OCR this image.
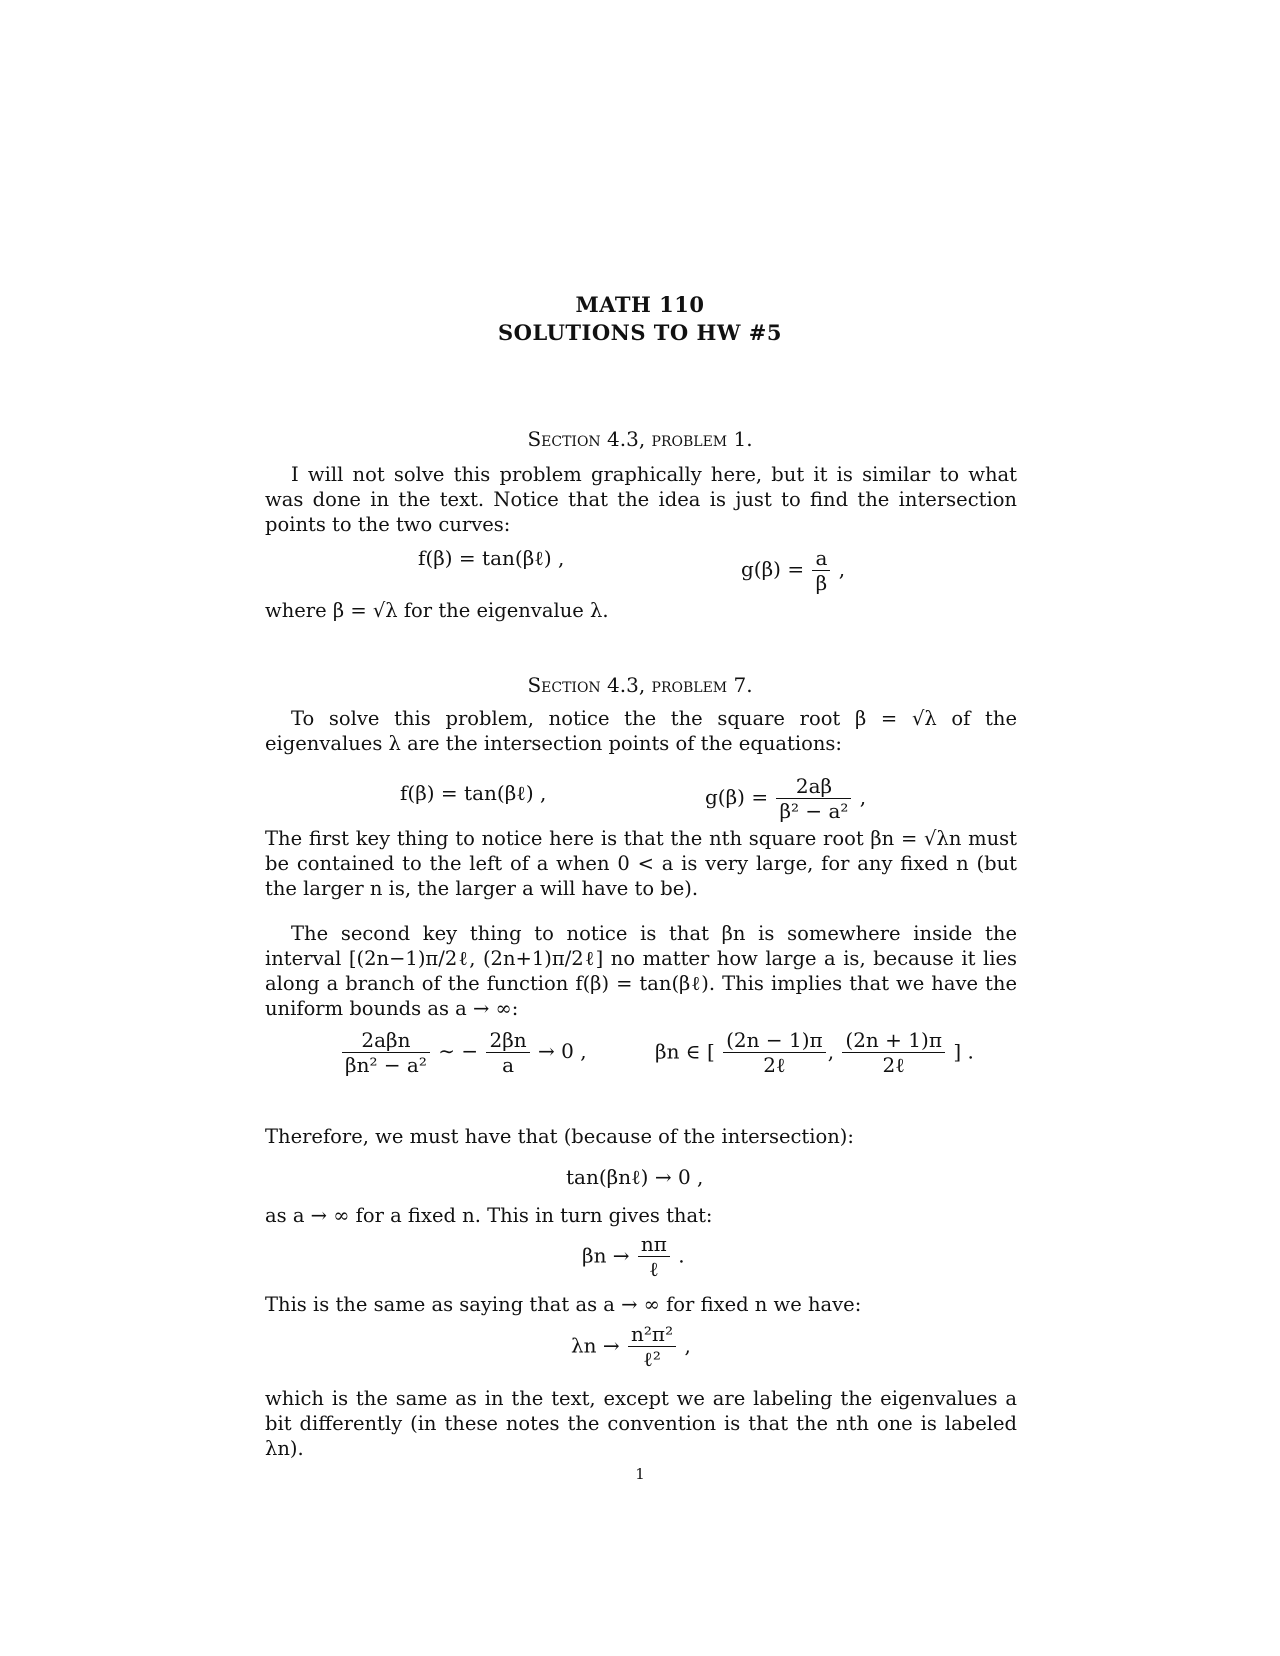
MATH 110
SOLUTIONS TO HW #5
Section 4.3, problem 1.
I will not solve this problem graphically here, but it is similar to what was done in the text. Notice that the idea is just to find the intersection points to the two curves:
f(β) = tan(βℓ) ,	$g(\beta) = \frac{a}{\beta}$ ,
where β = √λ for the eigenvalue λ.
Section 4.3, problem 7.
To solve this problem, notice the the square root β = √λ of the eigenvalues λ are the intersection points of the equations:
f(β) = tan(βℓ) ,	$g(\beta) = \frac{2a\beta}{\text{β² − a²}}$ ,
The first key thing to notice here is that the nth square root βn = √λn must be contained to the left of a when 0 < a is very large, for any fixed n (but the larger n is, the larger a will have to be).
The second key thing to notice is that βn is somewhere inside the interval [(2n−1)π/2ℓ, (2n+1)π/2ℓ] no matter how large a is, because it lies along a branch of the function f(β) = tan(βℓ). This implies that we have the uniform bounds as a → ∞:
$\frac{\text{2aβn}}{\text{βn² − a²}}$ ∼ − $\frac{2\beta n}{a} \to 0$ ,	βn ∈ [ $\frac{(2n - 1)\pi}{\text{2ℓ}}$ , $\frac{(2n + 1)\pi}{\text{2ℓ}}$ ] .
Therefore, we must have that (because of the intersection):
tan(βnℓ) → 0 ,
as a → ∞ for a fixed n. This in turn gives that:
$\beta n \to \frac{n\pi}{\text{ℓ}}$ .
This is the same as saying that as a → ∞ for fixed n we have:
$\lambda n \to \frac{\text{n²π²}}{\text{ℓ²}}$ ,
which is the same as in the text, except we are labeling the eigenvalues a bit differently (in these notes the convention is that the nth one is labeled λn).
1
